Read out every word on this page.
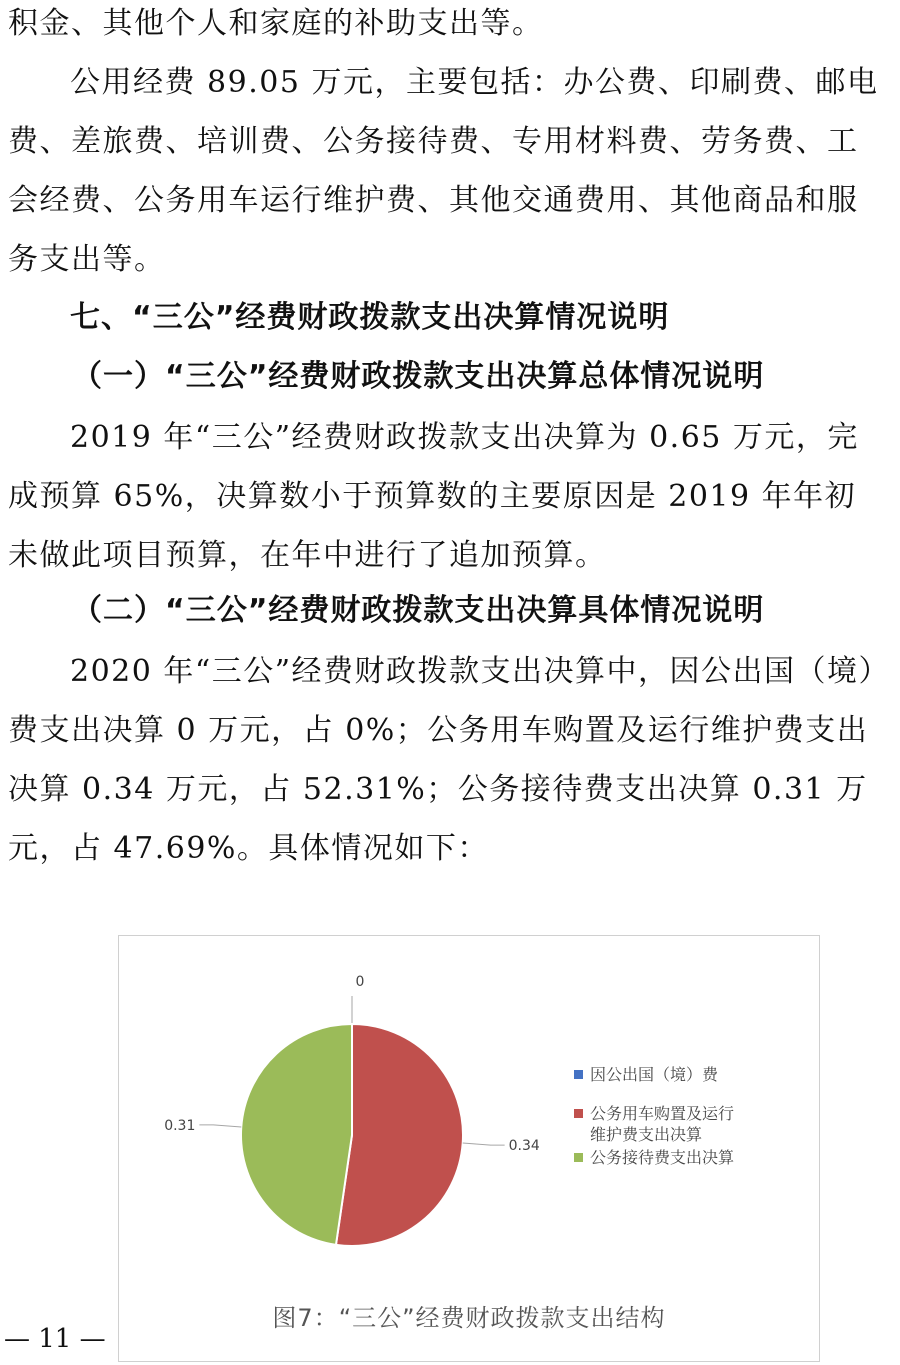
积金、其他个人和家庭的补助支出等。

公用经费 89.05 万元，主要包括：办公费、印刷费、邮电费、差旅费、培训费、公务接待费、专用材料费、劳务费、工会经费、公务用车运行维护费、其他交通费用、其他商品和服务支出等。

七、“三公”经费财政拨款支出决算情况说明
（一）“三公”经费财政拨款支出决算总体情况说明

2019 年“三公”经费财政拨款支出决算为 0.65 万元，完成预算 65%，决算数小于预算数的主要原因是 2019 年年初未做此项目预算，在年中进行了追加预算。

（二）“三公”经费财政拨款支出决算具体情况说明

2020 年“三公”经费财政拨款支出决算中，因公出国（境）费支出决算 0 万元，占 0%；公务用车购置及运行维护费支出决算 0.34 万元，占 52.31%；公务接待费支出决算 0.31 万元，占 47.69%。具体情况如下：

0
0.34
0.31
因公出国（境）费
公务用车购置及运行
维护费支出决算
公务接待费支出决算
图7：“三公”经费财政拨款支出结构
— 11 —
